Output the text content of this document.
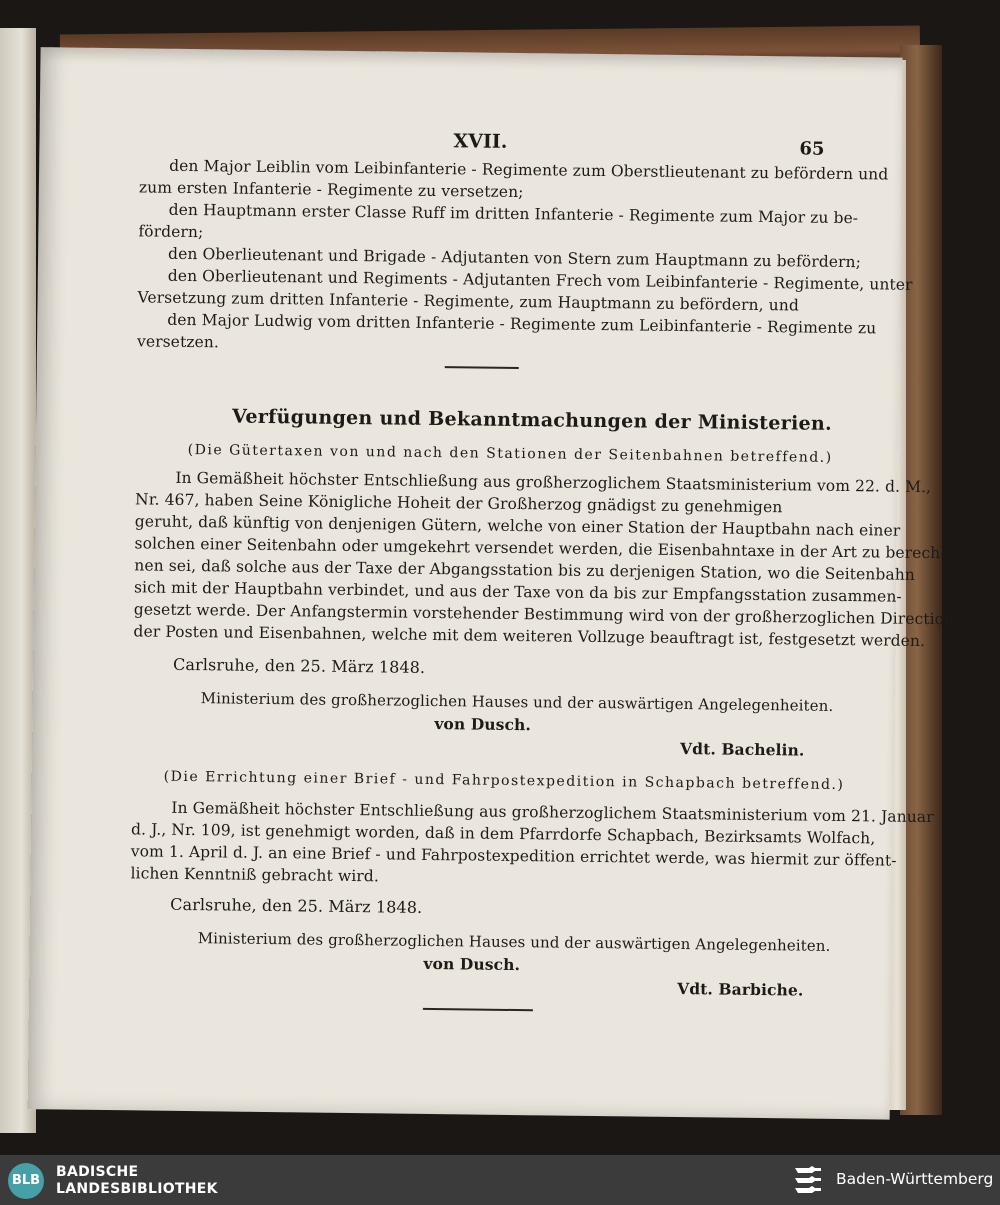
XVII.	65
den Major Leiblin vom Leibinfanterie - Regimente zum Oberstlieutenant zu befördern und
zum ersten Infanterie - Regimente zu versetzen;
den Hauptmann erster Classe Ruff im dritten Infanterie - Regimente zum Major zu be-
fördern;
den Oberlieutenant und Brigade - Adjutanten von Stern zum Hauptmann zu befördern;
den Oberlieutenant und Regiments - Adjutanten Frech vom Leibinfanterie - Regimente, unter
Versetzung zum dritten Infanterie - Regimente, zum Hauptmann zu befördern, und
den Major Ludwig vom dritten Infanterie - Regimente zum Leibinfanterie - Regimente zu
versetzen.
Verfügungen und Bekanntmachungen der Ministerien.
(Die Gütertaxen von und nach den Stationen der Seitenbahnen betreffend.)
In Gemäßheit höchster Entschließung aus großherzoglichem Staatsministerium vom 22. d. M.,
Nr. 467, haben Seine Königliche Hoheit der Großherzog gnädigst zu genehmigen
geruht, daß künftig von denjenigen Gütern, welche von einer Station der Hauptbahn nach einer
solchen einer Seitenbahn oder umgekehrt versendet werden, die Eisenbahntaxe in der Art zu berech-
nen sei, daß solche aus der Taxe der Abgangsstation bis zu derjenigen Station, wo die Seitenbahn
sich mit der Hauptbahn verbindet, und aus der Taxe von da bis zur Empfangsstation zusammen-
gesetzt werde. Der Anfangstermin vorstehender Bestimmung wird von der großherzoglichen Direction
der Posten und Eisenbahnen, welche mit dem weiteren Vollzuge beauftragt ist, festgesetzt werden.
Carlsruhe, den 25. März 1848.
Ministerium des großherzoglichen Hauses und der auswärtigen Angelegenheiten.
von Dusch.
Vdt. Bachelin.
(Die Errichtung einer Brief - und Fahrpostexpedition in Schapbach betreffend.)
In Gemäßheit höchster Entschließung aus großherzoglichem Staatsministerium vom 21. Januar
d. J., Nr. 109, ist genehmigt worden, daß in dem Pfarrdorfe Schapbach, Bezirksamts Wolfach,
vom 1. April d. J. an eine Brief - und Fahrpostexpedition errichtet werde, was hiermit zur öffent-
lichen Kenntniß gebracht wird.
Carlsruhe, den 25. März 1848.
Ministerium des großherzoglichen Hauses und der auswärtigen Angelegenheiten.
von Dusch.
Vdt. Barbiche.
BLB
BADISCHE
LANDESBIBLIOTHEK
Baden-Württemberg
